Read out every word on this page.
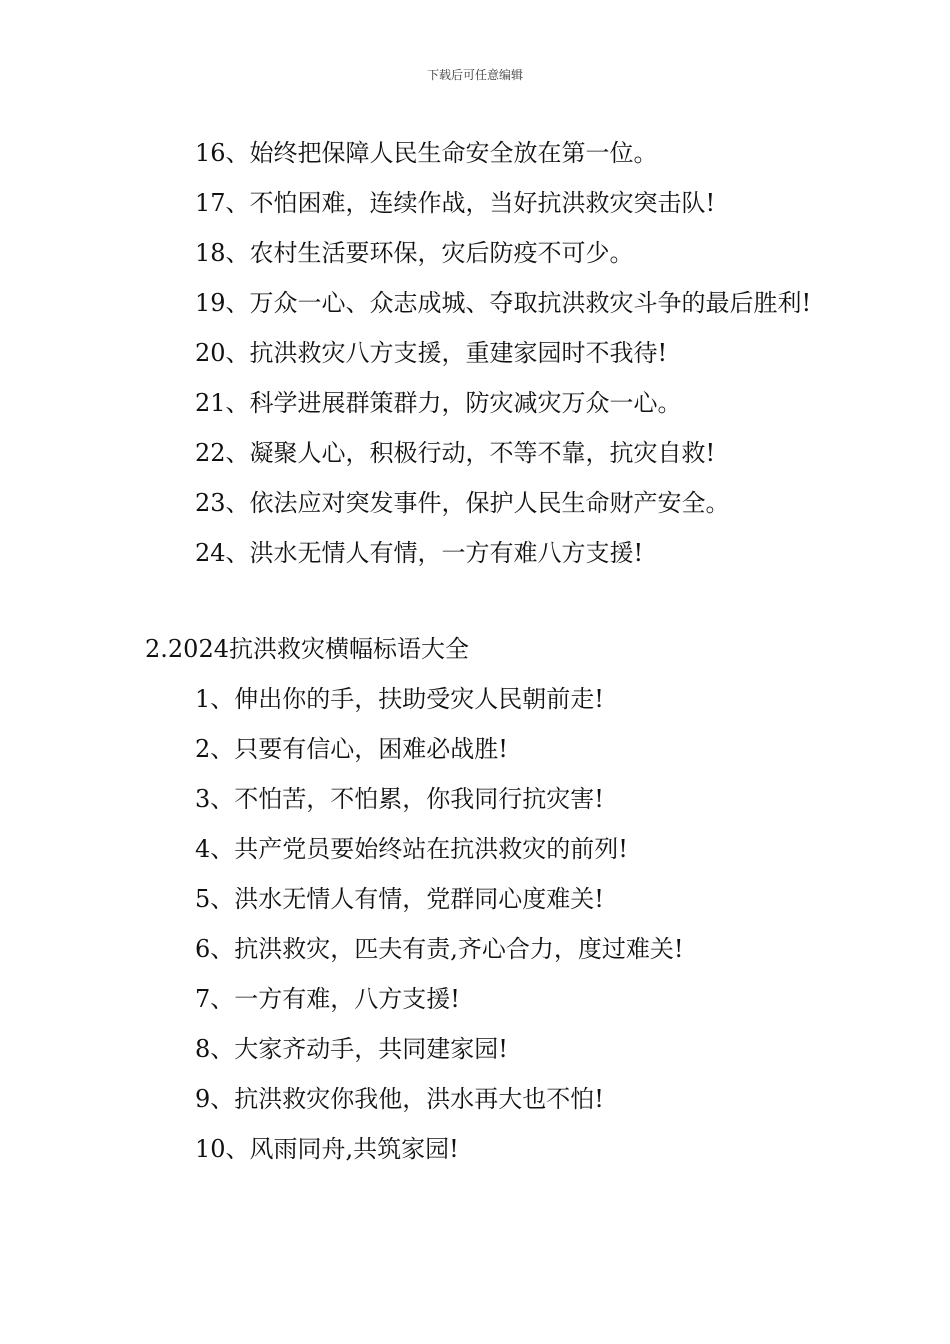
下载后可任意编辑
16、始终把保障人民生命安全放在第一位。
17、不怕困难，连续作战，当好抗洪救灾突击队!
18、农村生活要环保，灾后防疫不可少。
19、万众一心、众志成城、夺取抗洪救灾斗争的最后胜利!
20、抗洪救灾八方支援，重建家园时不我待!
21、科学进展群策群力，防灾减灾万众一心。
22、凝聚人心，积极行动，不等不靠，抗灾自救!
23、依法应对突发事件，保护人民生命财产安全。
24、洪水无情人有情，一方有难八方支援!
2.2024抗洪救灾横幅标语大全
1、伸出你的手，扶助受灾人民朝前走!
2、只要有信心，困难必战胜!
3、不怕苦，不怕累，你我同行抗灾害!
4、共产党员要始终站在抗洪救灾的前列!
5、洪水无情人有情，党群同心度难关!
6、抗洪救灾，匹夫有责,齐心合力，度过难关!
7、一方有难，八方支援!
8、大家齐动手，共同建家园!
9、抗洪救灾你我他，洪水再大也不怕!
10、风雨同舟,共筑家园!
